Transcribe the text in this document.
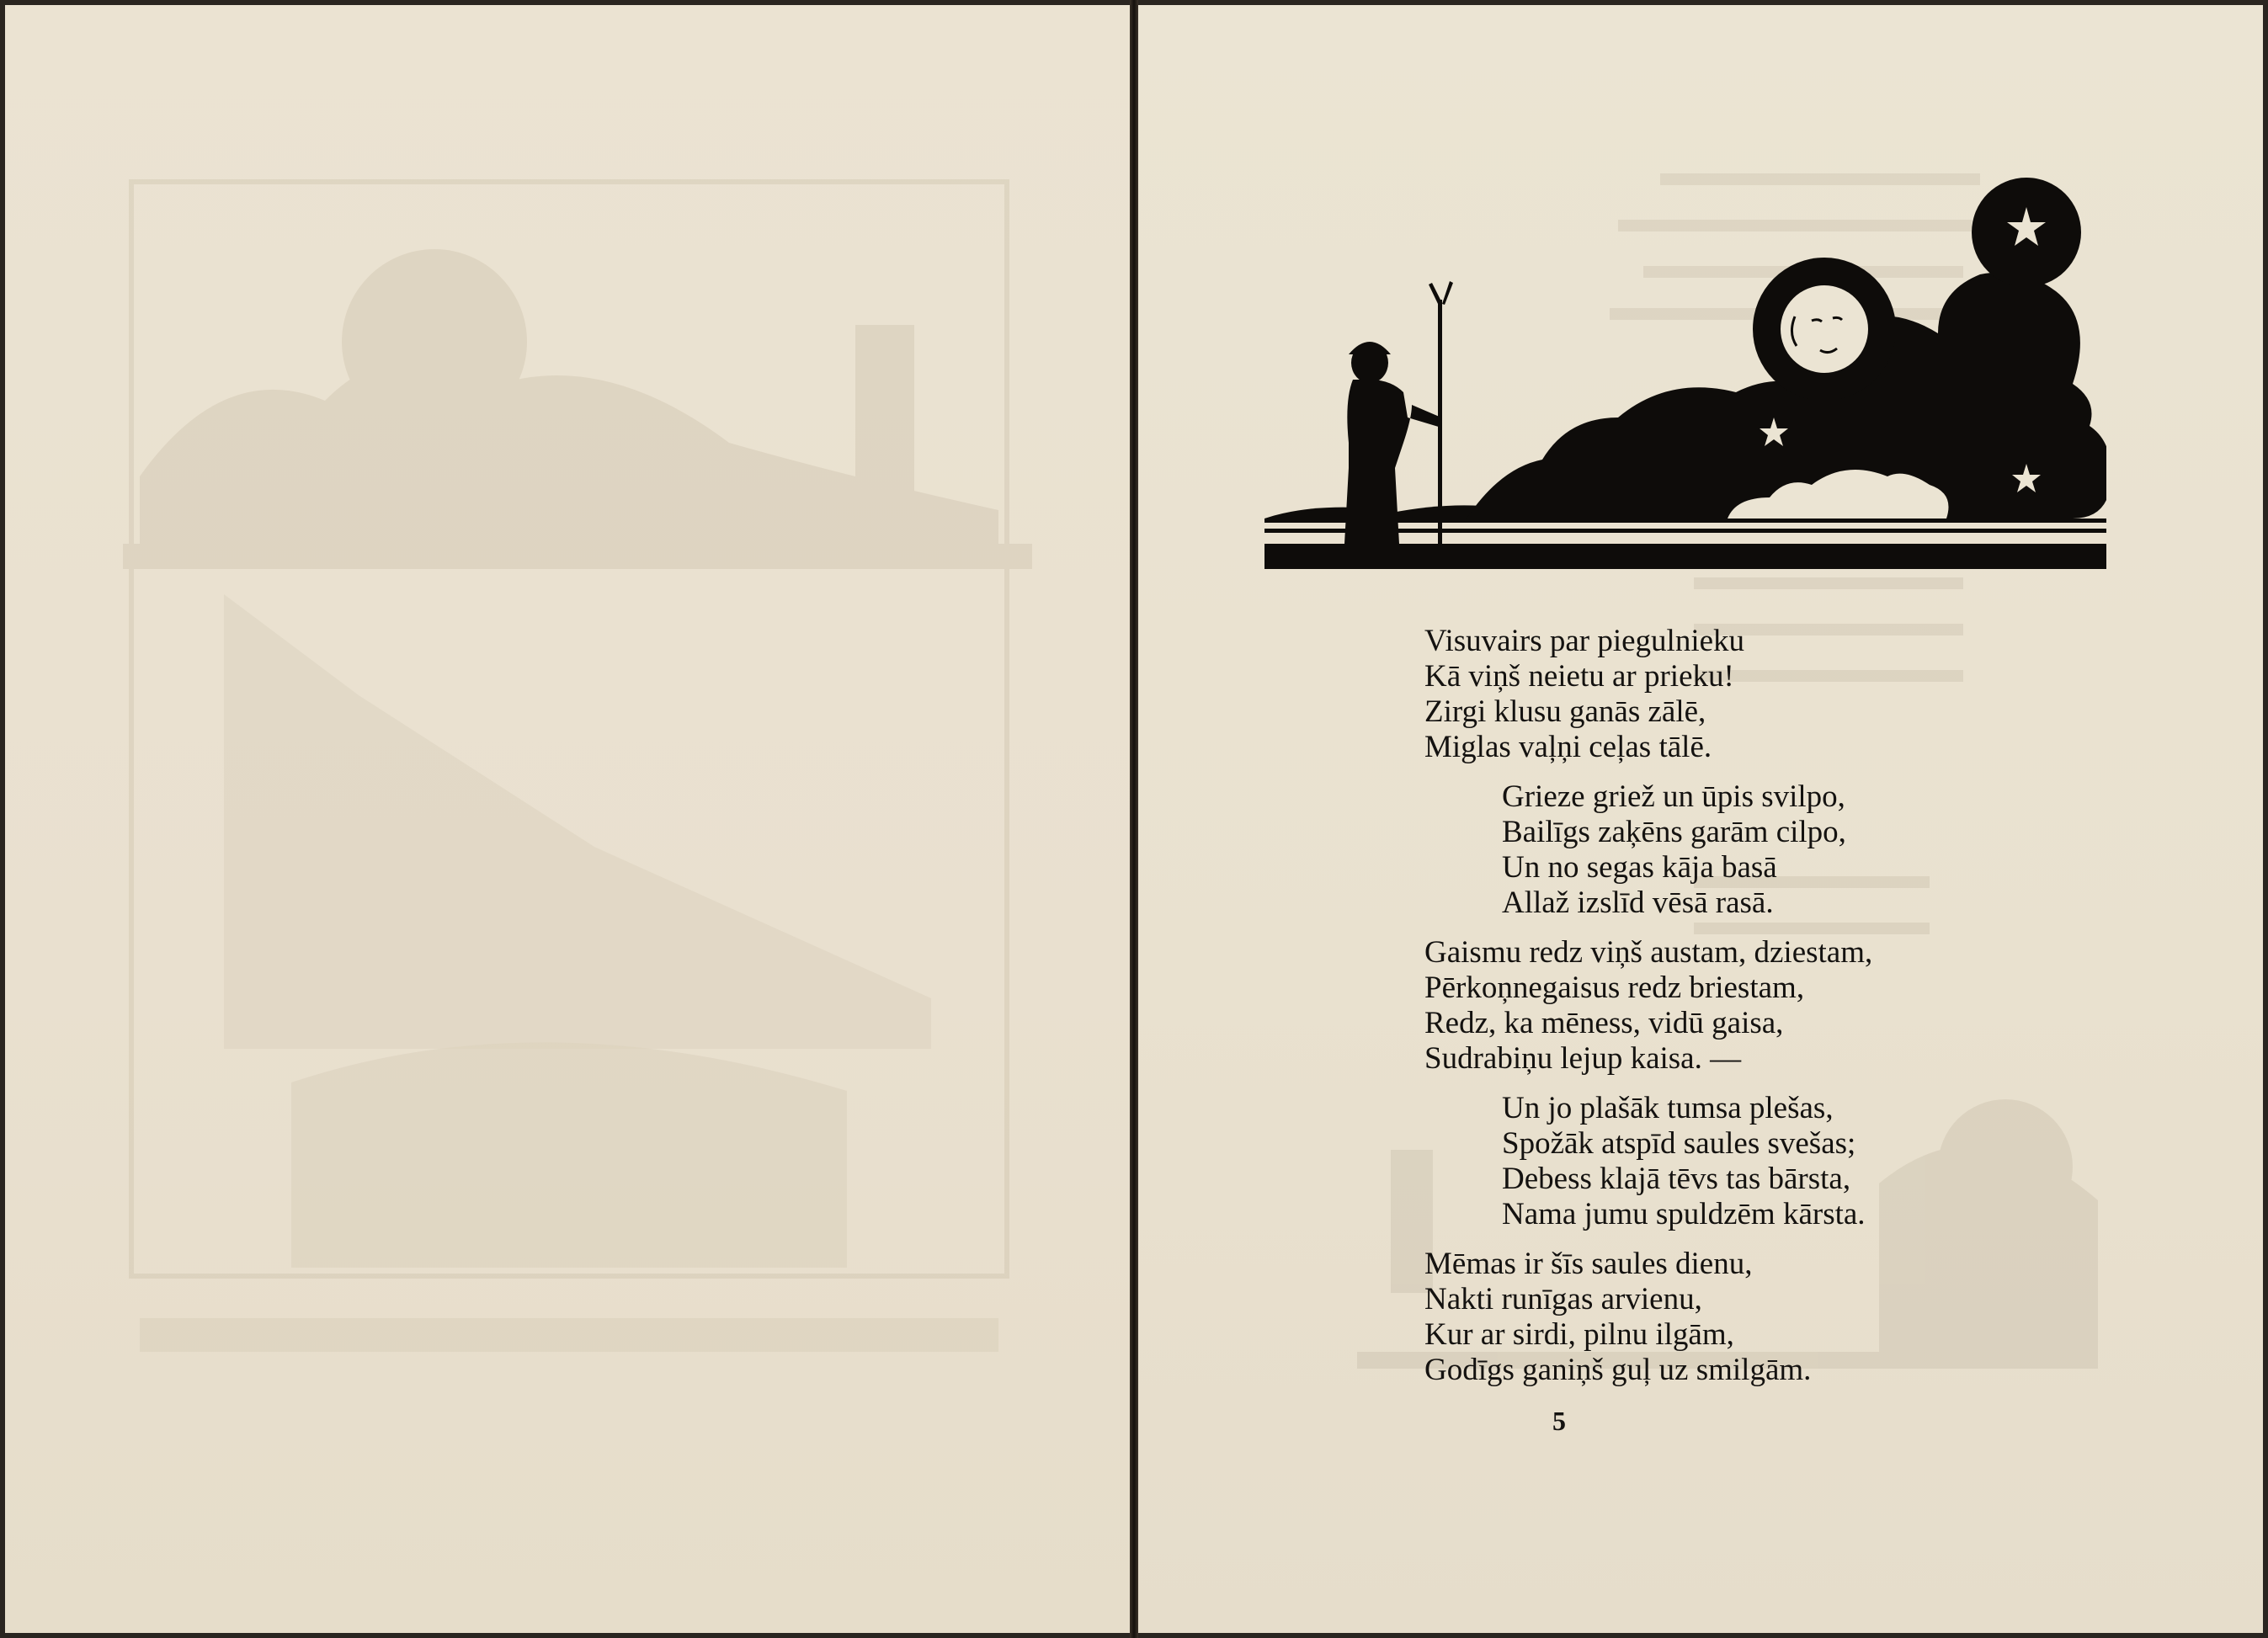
Visuvairs par piegulnieku
Kā viņš neietu ar prieku!
Zirgi klusu ganās zālē,
Miglas vaļņi ceļas tālē.
Grieze griež un ūpis svilpo,
Bailīgs zaķēns garām cilpo,
Un no segas kāja basā
Allaž izslīd vēsā rasā.
Gaismu redz viņš austam, dziestam,
Pērkoņnegaisus redz briestam,
Redz, ka mēness, vidū gaisa,
Sudrabiņu lejup kaisa. —
Un jo plašāk tumsa plešas,
Spožāk atspīd saules svešas;
Debess klajā tēvs tas bārsta,
Nama jumu spuldzēm kārsta.
Mēmas ir šīs saules dienu,
Nakti runīgas arvienu,
Kur ar sirdi, pilnu ilgām,
Godīgs ganiņš guļ uz smilgām.
5
